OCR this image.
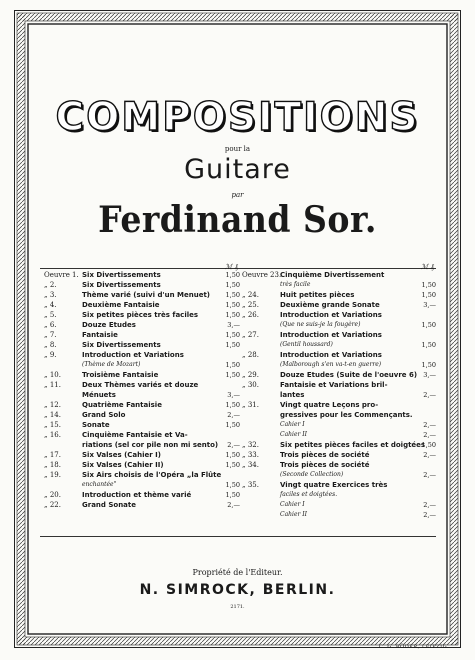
COMPOSITIONS
pour la
Guitare
par
Ferdinand Sor.
ℳ ₰
Oeuvre 1. Six Divertissements	1,50
„ 2.	Six Divertissements	1,50
„ 3.	Thème varié (suivi d'un Menuet)	1,50
„ 4.	Deuxième Fantaisie	1,50
„ 5.	Six petites pièces très faciles	1,50
„ 6.	Douze Etudes	3,—
„ 7.	Fantaisie	1,50
„ 8.	Six Divertissements	1,50
„ 9.	Introduction et Variations
(Thème de Mozart)	1,50
„ 10.	Troisième Fantaisie	1,50
„ 11.	Deux Thèmes variés et douze
Ménuets	3,—
„ 12.	Quatrième Fantaisie	1,50
„ 14.	Grand Solo	2,—
„ 15.	Sonate	1,50
„ 16.	Cinquième Fantaisie et Va-
riations (sel cor pile non mi sento)	2,—
„ 17.	Six Valses (Cahier I)	1,50
„ 18.	Six Valses (Cahier II)	1,50
„ 19.	Six Airs choisis de l'Opéra „la Flûte
enchantée"	1,50
„ 20.	Introduction et thème varié	1,50
„ 22.	Grand Sonate	2,—
ℳ ₰
Oeuvre 23.
Cinquième Divertissement
très facile	1,50
„ 24.	Huit petites pièces	1,50
„ 25.	Deuxième grande Sonate	3,—
„ 26.	Introduction et Variations
(Que ne suis-je la fougère)	1,50
„ 27.	Introduction et Variations
(Gentil houssard)	1,50
„ 28.	Introduction et Variations
(Malborough s'en va-t-en guerre)	1,50
„ 29.	Douze Etudes (Suite de l'oeuvre 6) 3,—
„ 30.	Fantaisie et Variations bril-
lantes	2,—
„ 31.	Vingt quatre Leçons pro-
gressives pour les Commençants.
Cahier I	2,—
Cahier II	2,—
„ 32.	Six petites pièces faciles et doigtées
1,50
„ 33.	Trois pièces de société	2,—
„ 34.	Trois pièces de société
(Seconde Collection)	2,—
„ 35.	Vingt quatre Exercices très
faciles et doigtées.
Cahier I	2,—
Cahier II	2,—
Propriété de l'Editeur.
N. SIMROCK, BERLIN.
2171.
C. G. RÖDER, LEIPZIG.
